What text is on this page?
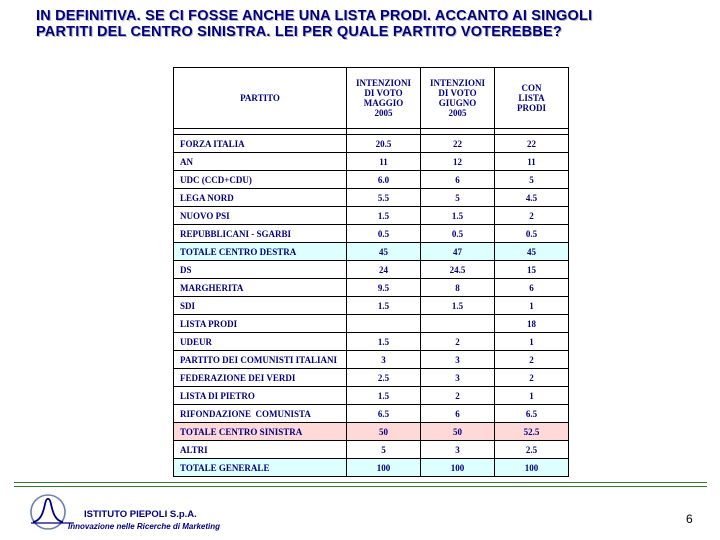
IN DEFINITIVA. SE CI FOSSE ANCHE UNA LISTA PRODI. ACCANTO AI SINGOLI
PARTITI DEL CENTRO SINISTRA. LEI PER QUALE PARTITO VOTEREBBE?
PARTITO	INTENZIONI
DI VOTO
MAGGIO
2005	INTENZIONI
DI VOTO
GIUGNO
2005	CON
LISTA
PRODI

FORZA ITALIA	20.5	22	22
AN	11	12	11
UDC (CCD+CDU)	6.0	6	5
LEGA NORD	5.5	5	4.5
NUOVO PSI	1.5	1.5	2
REPUBBLICANI - SGARBI	0.5	0.5	0.5
TOTALE CENTRO DESTRA	45	47	45
DS	24	24.5	15
MARGHERITA	9.5	8	6
SDI	1.5	1.5	1
LISTA PRODI			18
UDEUR	1.5	2	1
PARTITO DEI COMUNISTI ITALIANI	3	3	2
FEDERAZIONE DEI VERDI	2.5	3	2
LISTA DI PIETRO	1.5	2	1
RIFONDAZIONE  COMUNISTA	6.5	6	6.5
TOTALE CENTRO SINISTRA	50	50	52.5
ALTRI	5	3	2.5
TOTALE GENERALE	100	100	100
ISTITUTO PIEPOLI S.p.A.
Innovazione nelle Ricerche di Marketing
6
